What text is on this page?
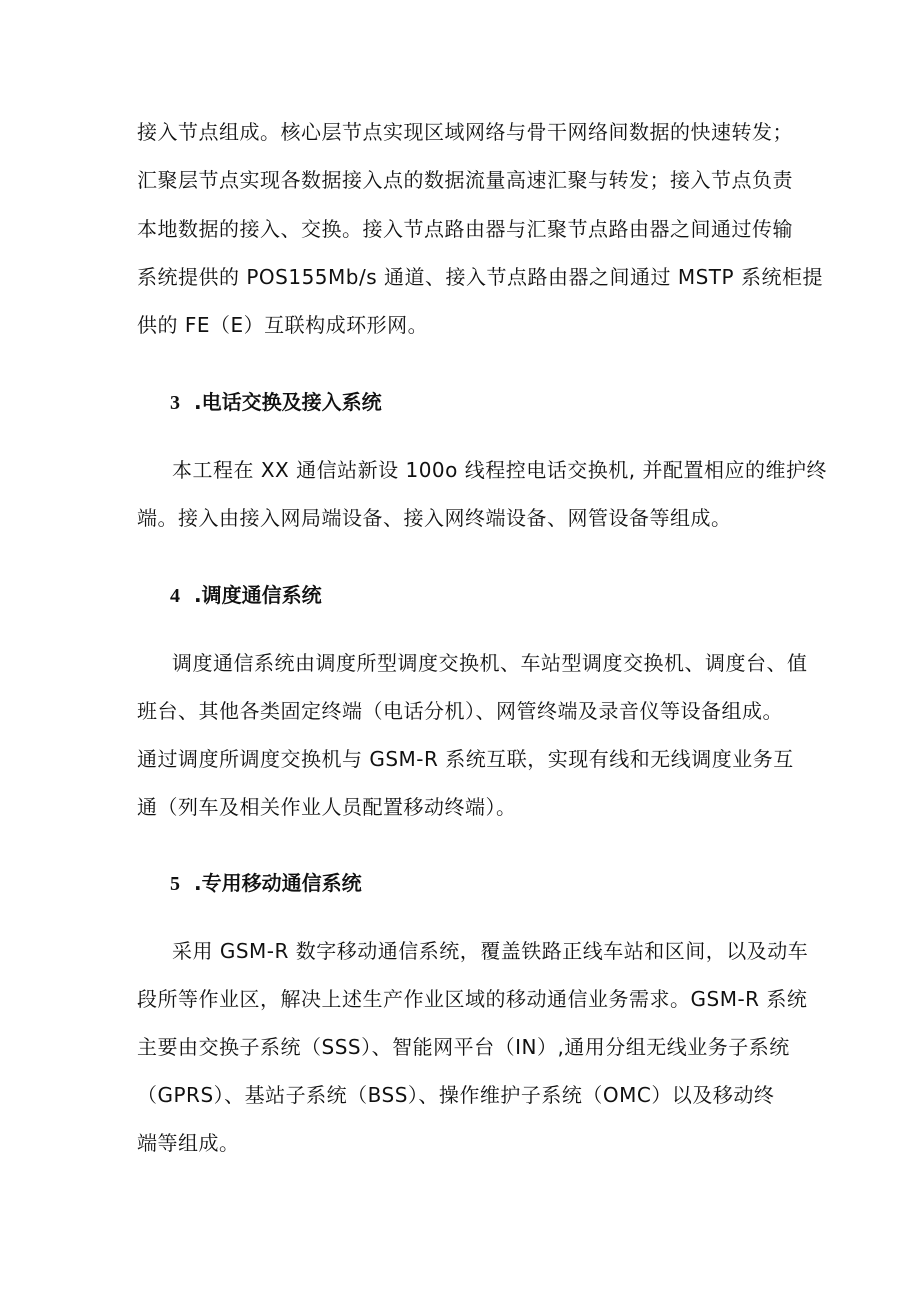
接入节点组成。核心层节点实现区域网络与骨干网络间数据的快速转发；
汇聚层节点实现各数据接入点的数据流量高速汇聚与转发；接入节点负责
本地数据的接入、交换。接入节点路由器与汇聚节点路由器之间通过传输
系统提供的 POS155Mb/s 通道、接入节点路由器之间通过 MSTP 系统柜提
供的 FE（E）互联构成环形网。
3 .电话交换及接入系统
本工程在 XX 通信站新设 100o 线程控电话交换机, 并配置相应的维护终
端。接入由接入网局端设备、接入网终端设备、网管设备等组成。
4 .调度通信系统
调度通信系统由调度所型调度交换机、车站型调度交换机、调度台、值
班台、其他各类固定终端（电话分机）、网管终端及录音仪等设备组成。
通过调度所调度交换机与 GSM-R 系统互联，实现有线和无线调度业务互
通（列车及相关作业人员配置移动终端）。
5 .专用移动通信系统
采用 GSM-R 数字移动通信系统，覆盖铁路正线车站和区间，以及动车
段所等作业区，解决上述生产作业区域的移动通信业务需求。GSM-R 系统
主要由交换子系统（SSS）、智能网平台（IN）,通用分组无线业务子系统
（GPRS）、基站子系统（BSS）、操作维护子系统（OMC）以及移动终
端等组成。
